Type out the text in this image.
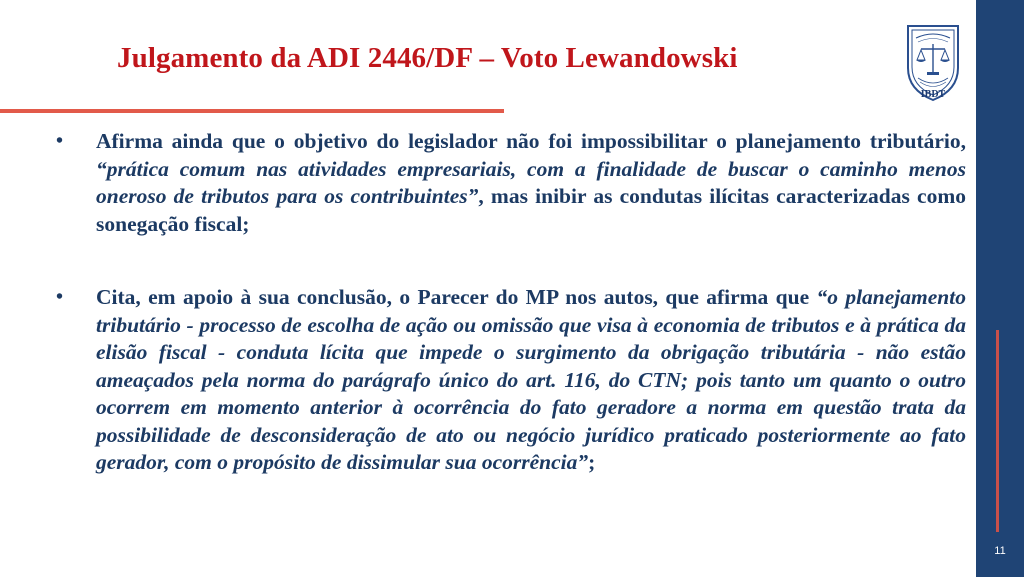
Julgamento da ADI 2446/DF – Voto Lewandowski
IBDT
•	Afirma ainda que o objetivo do legislador não foi impossibilitar o planejamento tributário, “prática comum nas atividades empresariais, com a finalidade de buscar o caminho menos oneroso de tributos para os contribuintes”, mas inibir as condutas ilícitas caracterizadas como sonegação fiscal;
•	Cita, em apoio à sua conclusão, o Parecer do MP nos autos, que afirma que “o planejamento tributário - processo de escolha de ação ou omissão que visa à economia de tributos e à prática da elisão fiscal - conduta lícita que impede o surgimento da obrigação tributária - não estão ameaçados pela norma do parágrafo único do art. 116, do CTN; pois tanto um quanto o outro ocorrem em momento anterior à ocorrência do fato geradore a norma em questão trata da possibilidade de desconsideração de ato ou negócio jurídico praticado posteriormente ao fato gerador, com o propósito de dissimular sua ocorrência”;
11
